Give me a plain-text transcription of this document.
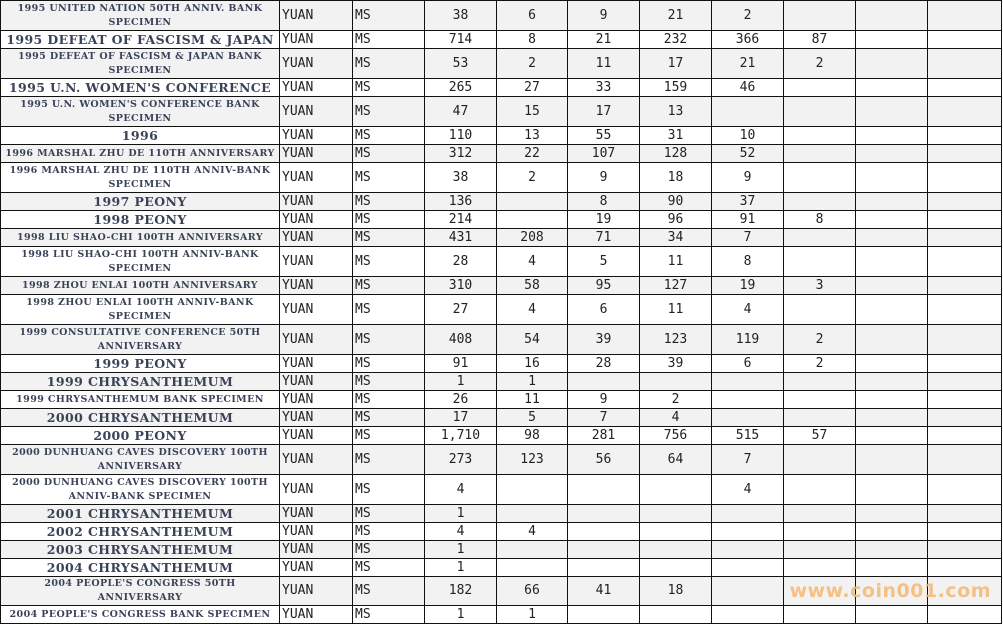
1995 UNITED NATION 50TH ANNIV. BANK SPECIMEN	YUAN	MS	38	6	9	21	2			
1995 DEFEAT OF FASCISM & JAPAN	YUAN	MS	714	8	21	232	366	87		
1995 DEFEAT OF FASCISM & JAPAN BANK SPECIMEN	YUAN	MS	53	2	11	17	21	2		
1995 U.N. WOMEN'S CONFERENCE	YUAN	MS	265	27	33	159	46			
1995 U.N. WOMEN'S CONFERENCE BANK SPECIMEN	YUAN	MS	47	15	17	13				
1996	YUAN	MS	110	13	55	31	10			
1996 MARSHAL ZHU DE 110TH ANNIVERSARY	YUAN	MS	312	22	107	128	52			
1996 MARSHAL ZHU DE 110TH ANNIV-BANK SPECIMEN	YUAN	MS	38	2	9	18	9			
1997 PEONY	YUAN	MS	136		8	90	37			
1998 PEONY	YUAN	MS	214		19	96	91	8		
1998 LIU SHAO-CHI 100TH ANNIVERSARY	YUAN	MS	431	208	71	34	7			
1998 LIU SHAO-CHI 100TH ANNIV-BANK SPECIMEN	YUAN	MS	28	4	5	11	8			
1998 ZHOU ENLAI 100TH ANNIVERSARY	YUAN	MS	310	58	95	127	19	3		
1998 ZHOU ENLAI 100TH ANNIV-BANK SPECIMEN	YUAN	MS	27	4	6	11	4			
1999 CONSULTATIVE CONFERENCE 50TH ANNIVERSARY	YUAN	MS	408	54	39	123	119	2		
1999 PEONY	YUAN	MS	91	16	28	39	6	2		
1999 CHRYSANTHEMUM	YUAN	MS	1	1						
1999 CHRYSANTHEMUM BANK SPECIMEN	YUAN	MS	26	11	9	2				
2000 CHRYSANTHEMUM	YUAN	MS	17	5	7	4				
2000 PEONY	YUAN	MS	1,710	98	281	756	515	57		
2000 DUNHUANG CAVES DISCOVERY 100TH ANNIVERSARY	YUAN	MS	273	123	56	64	7			
2000 DUNHUANG CAVES DISCOVERY 100TH ANNIV-BANK SPECIMEN	YUAN	MS	4				4			
2001 CHRYSANTHEMUM	YUAN	MS	1							
2002 CHRYSANTHEMUM	YUAN	MS	4	4						
2003 CHRYSANTHEMUM	YUAN	MS	1							
2004 CHRYSANTHEMUM	YUAN	MS	1							
2004 PEOPLE'S CONGRESS 50TH ANNIVERSARY	YUAN	MS	182	66	41	18				
2004 PEOPLE'S CONGRESS BANK SPECIMEN	YUAN	MS	1	1						
www.coin001.com
